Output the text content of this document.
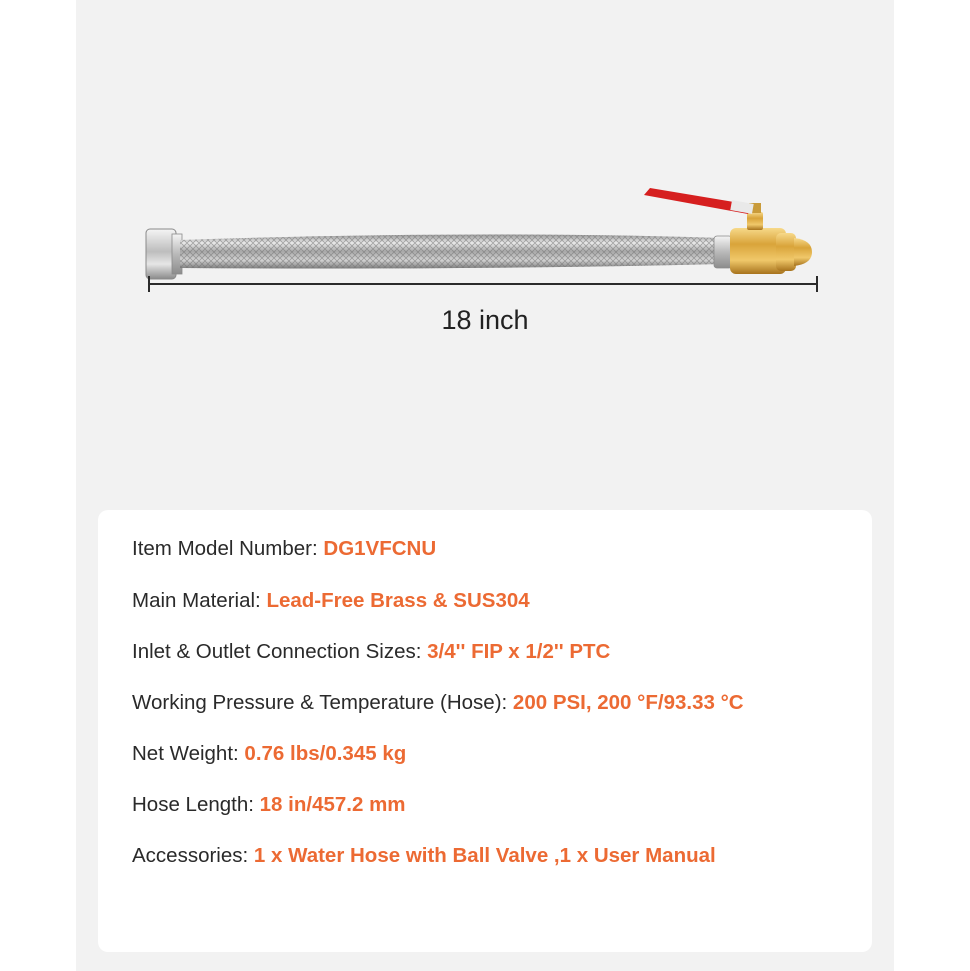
18 inch
Item Model Number: DG1VFCNU
Main Material: Lead-Free Brass & SUS304
Inlet & Outlet Connection Sizes: 3/4'' FIP x 1/2'' PTC
Working Pressure & Temperature (Hose): 200 PSI, 200 °F/93.33 °C
Net Weight: 0.76 lbs/0.345 kg
Hose Length: 18 in/457.2 mm
Accessories: 1 x Water Hose with Ball Valve ,1 x User Manual
